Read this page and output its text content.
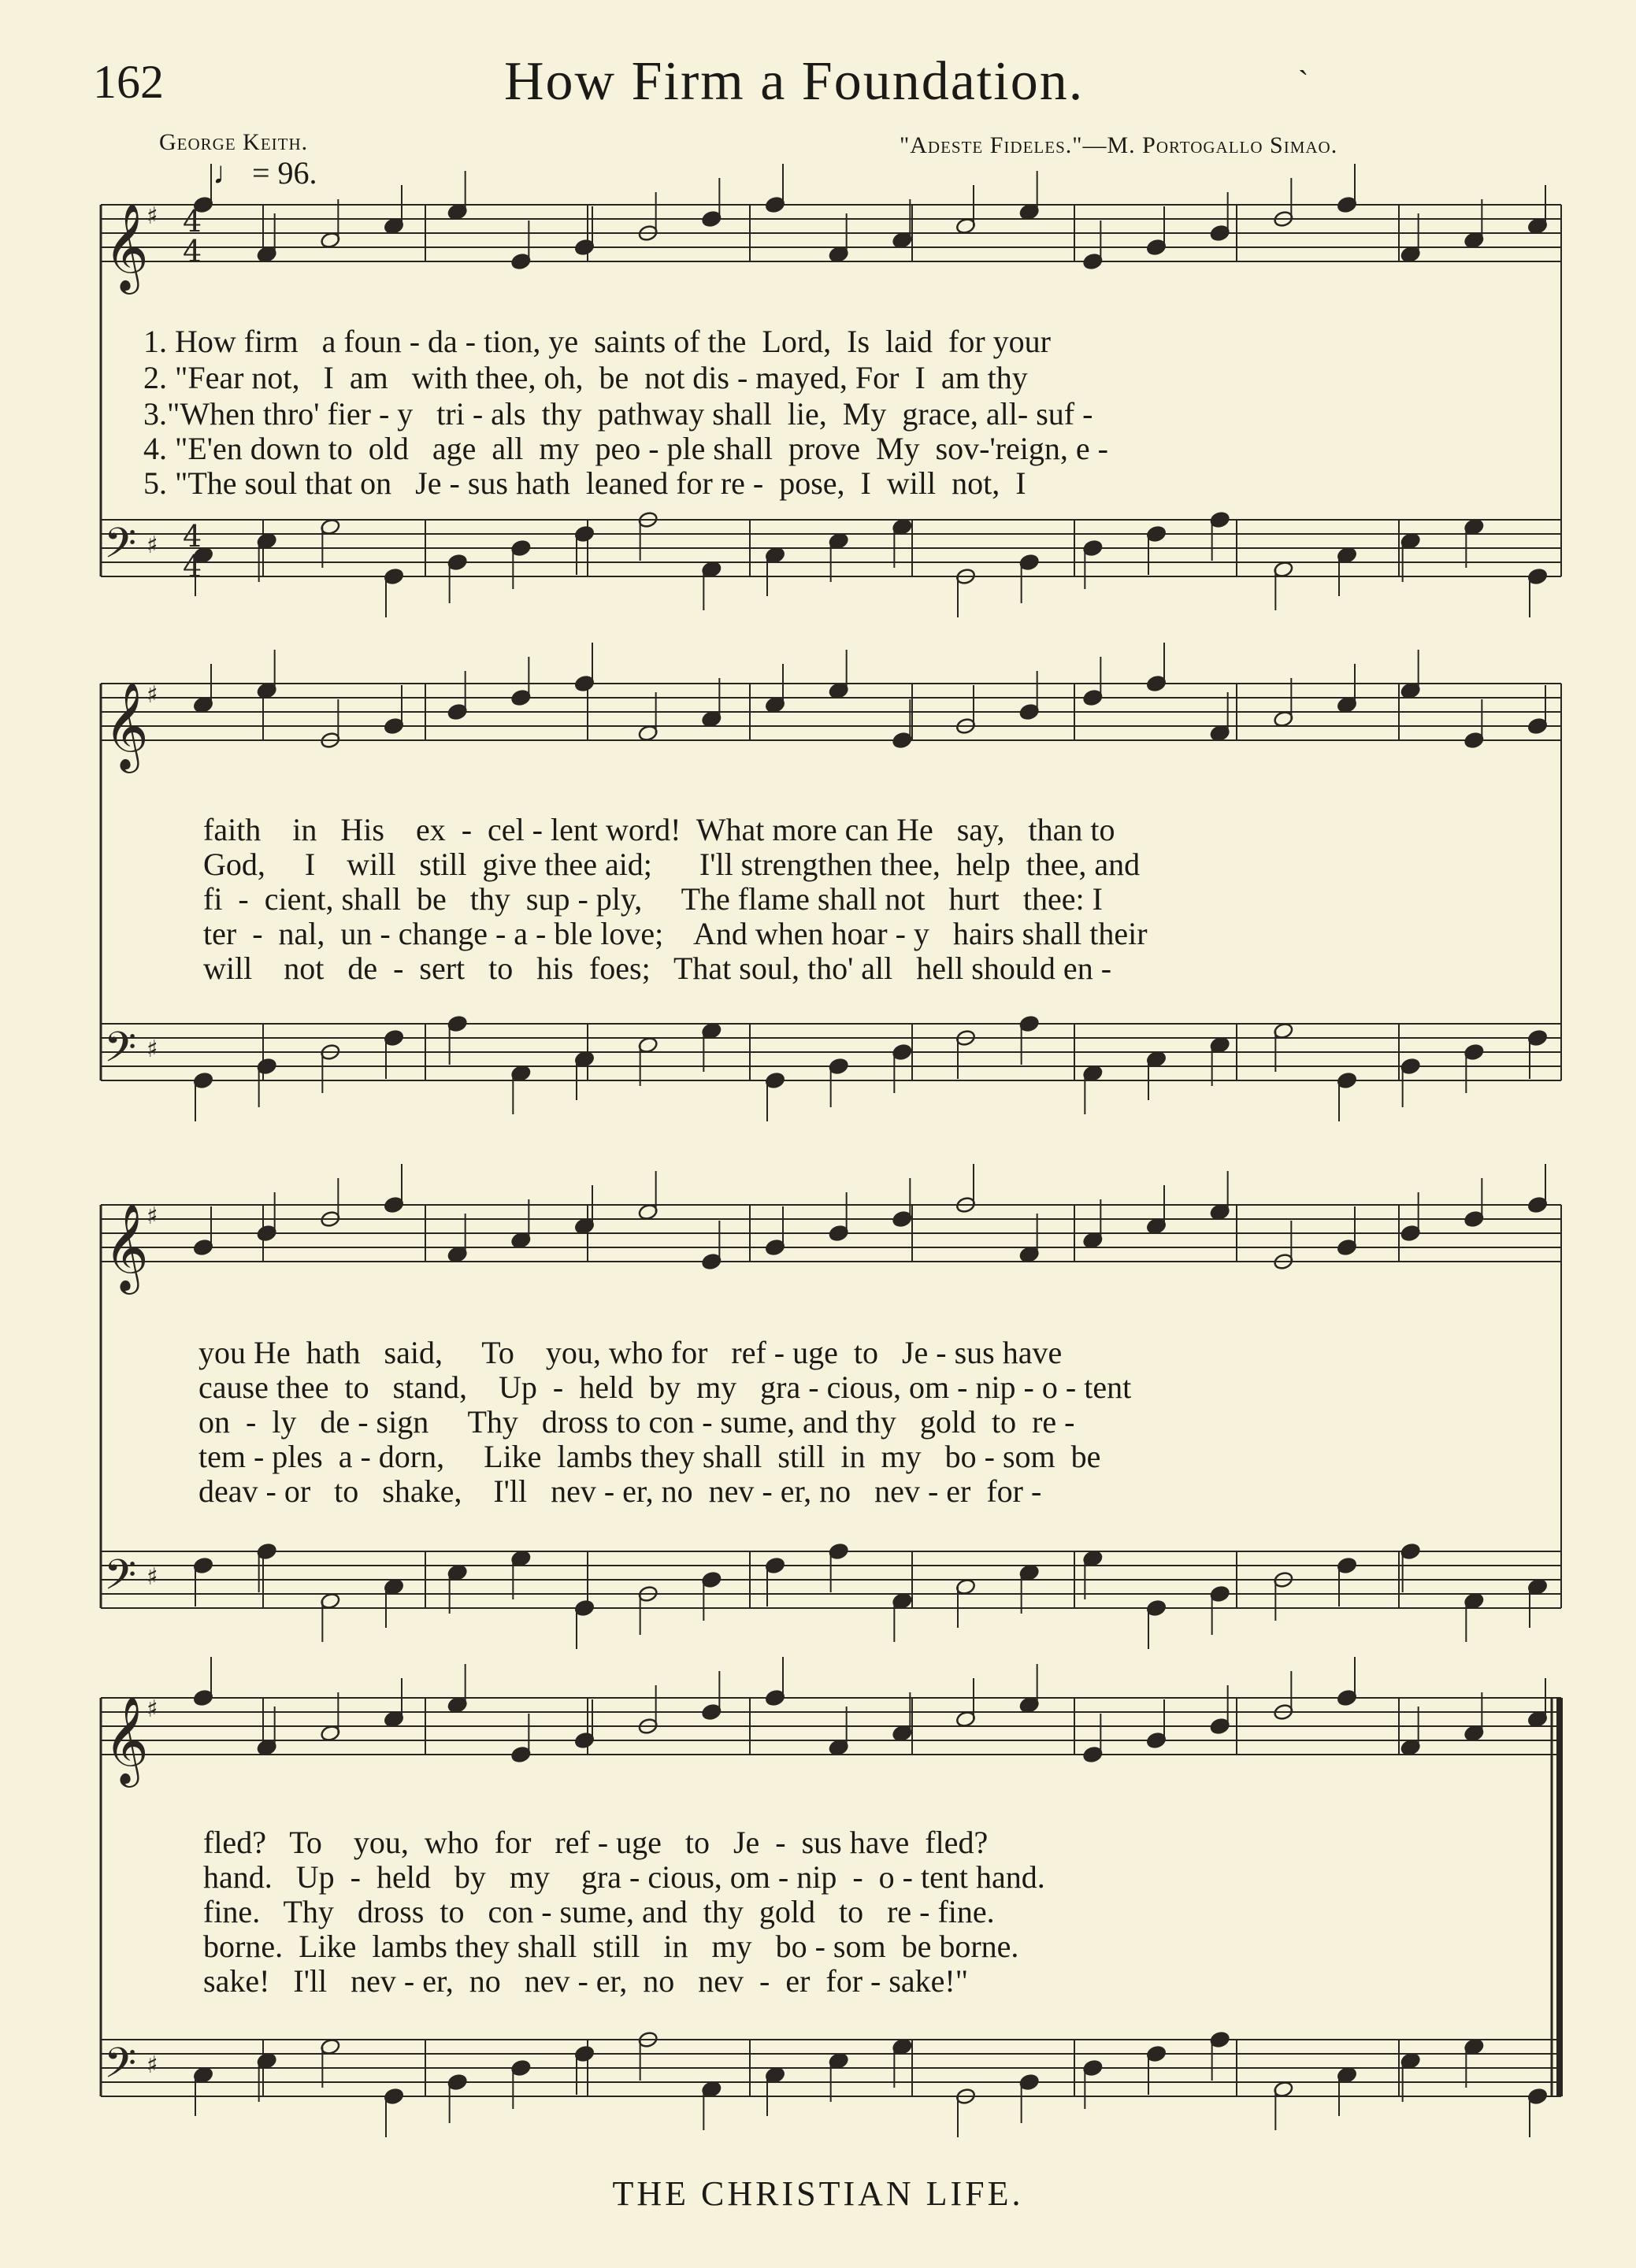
162	How Firm a Foundation.	`
George Keith.	"Adeste Fideles."—M. Portogallo Simao.
♩ = 96.
𝄞
♯
𝄢 ♯
𝄞
♯
𝄢 ♯
𝄞
♯
𝄢 ♯
𝄞
♯
𝄢 ♯
4
4
4
4
1. How firm   a foun - da - tion, ye  saints of the  Lord,  Is  laid  for your
2. "Fear not,   I  am   with thee, oh,  be  not dis - mayed, For  I  am thy
3."When thro' fier - y   tri - als  thy  pathway shall  lie,  My  grace, all- suf -
4. "E'en down to  old   age  all  my  peo - ple shall  prove  My  sov-'reign, e -
5. "The soul that on   Je - sus hath  leaned for re -  pose,  I  will  not,  I
faith    in   His    ex  -  cel - lent word!  What more can He   say,   than to
God,     I    will   still  give thee aid;      I'll strengthen thee,  help  thee, and
fi  -  cient, shall  be   thy  sup - ply,     The flame shall not   hurt   thee: I
ter  -  nal,  un - change - a - ble love;    And when hoar - y   hairs shall their
will    not   de  -  sert   to   his  foes;   That soul, tho' all   hell should en -
you He  hath   said,     To    you, who for   ref - uge  to   Je - sus have
cause thee  to   stand,    Up  -  held  by  my   gra - cious, om - nip - o - tent
on  -  ly   de - sign     Thy   dross to con - sume, and thy   gold  to  re -
tem - ples  a - dorn,     Like  lambs they shall  still  in  my   bo - som  be
deav - or   to   shake,    I'll   nev - er, no  nev - er, no   nev - er  for -
fled?   To    you,  who  for   ref - uge   to   Je  -  sus have  fled?
hand.   Up  -  held   by   my    gra - cious, om - nip  -  o - tent hand.
fine.   Thy   dross  to   con - sume, and  thy  gold   to   re - fine.
borne.  Like  lambs they shall  still   in   my   bo - som  be borne.
sake!   I'll   nev - er,  no   nev - er,  no   nev  -  er  for - sake!"
THE CHRISTIAN LIFE.
